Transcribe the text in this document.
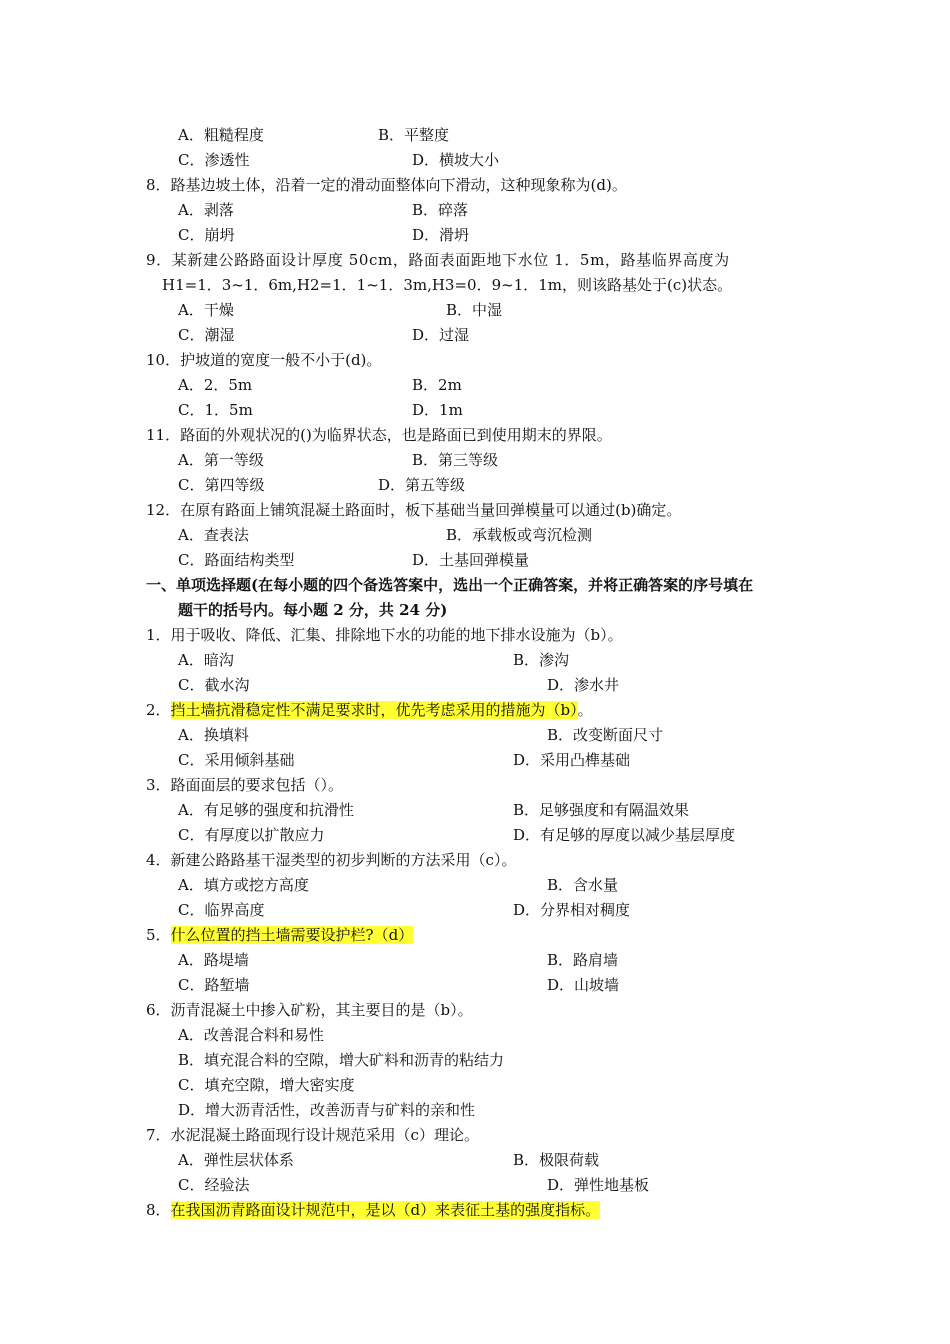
A．粗糙程度	B．平整度
C．渗透性	D．横坡大小
8．路基边坡土体，沿着一定的滑动面整体向下滑动，这种现象称为(d)。
A．剥落	B．碎落
C．崩坍	D．滑坍
9．某新建公路路面设计厚度 50cm，路面表面距地下水位 1．5m，路基临界高度为
H1=1．3~1．6m,H2=1．1~1．3m,H3=0．9~1．1m，则该路基处于(c)状态。
A．干燥	B．中湿
C．潮湿	D．过湿
10．护坡道的宽度一般不小于(d)。
A．2．5m	B．2m
C．1．5m	D．1m
11．路面的外观状况的()为临界状态，也是路面已到使用期末的界限。
A．第一等级	B．第三等级
C．第四等级	D．第五等级
12．在原有路面上铺筑混凝土路面时，板下基础当量回弹模量可以通过(b)确定。
A．查表法	B．承载板或弯沉检测
C．路面结构类型	D．土基回弹模量
一、单项选择题(在每小题的四个备选答案中，选出一个正确答案，并将正确答案的序号填在
题干的括号内。每小题 2 分，共 24 分)
1．用于吸收、降低、汇集、排除地下水的功能的地下排水设施为（b）。
A．暗沟	B．渗沟
C．截水沟	D．渗水井
2．挡土墙抗滑稳定性不满足要求时，优先考虑采用的措施为（b）。
A．换填料	B．改变断面尺寸
C．采用倾斜基础	D．采用凸榫基础
3．路面面层的要求包括（）。
A．有足够的强度和抗滑性	B．足够强度和有隔温效果
C．有厚度以扩散应力	D．有足够的厚度以减少基层厚度
4．新建公路路基干湿类型的初步判断的方法采用（c）。
A．填方或挖方高度	B．含水量
C．临界高度	D．分界相对稠度
5．什么位置的挡土墙需要设护栏?（d）
A．路堤墙	B．路肩墙
C．路堑墙	D．山坡墙
6．沥青混凝土中掺入矿粉，其主要目的是（b）。
A．改善混合料和易性
B．填充混合料的空隙，增大矿料和沥青的粘结力
C．填充空隙，增大密实度
D．增大沥青活性，改善沥青与矿料的亲和性
7．水泥混凝土路面现行设计规范采用（c）理论。
A．弹性层状体系	B．极限荷载
C．经验法	D．弹性地基板
8．在我国沥青路面设计规范中，是以（d）来表征土基的强度指标。
